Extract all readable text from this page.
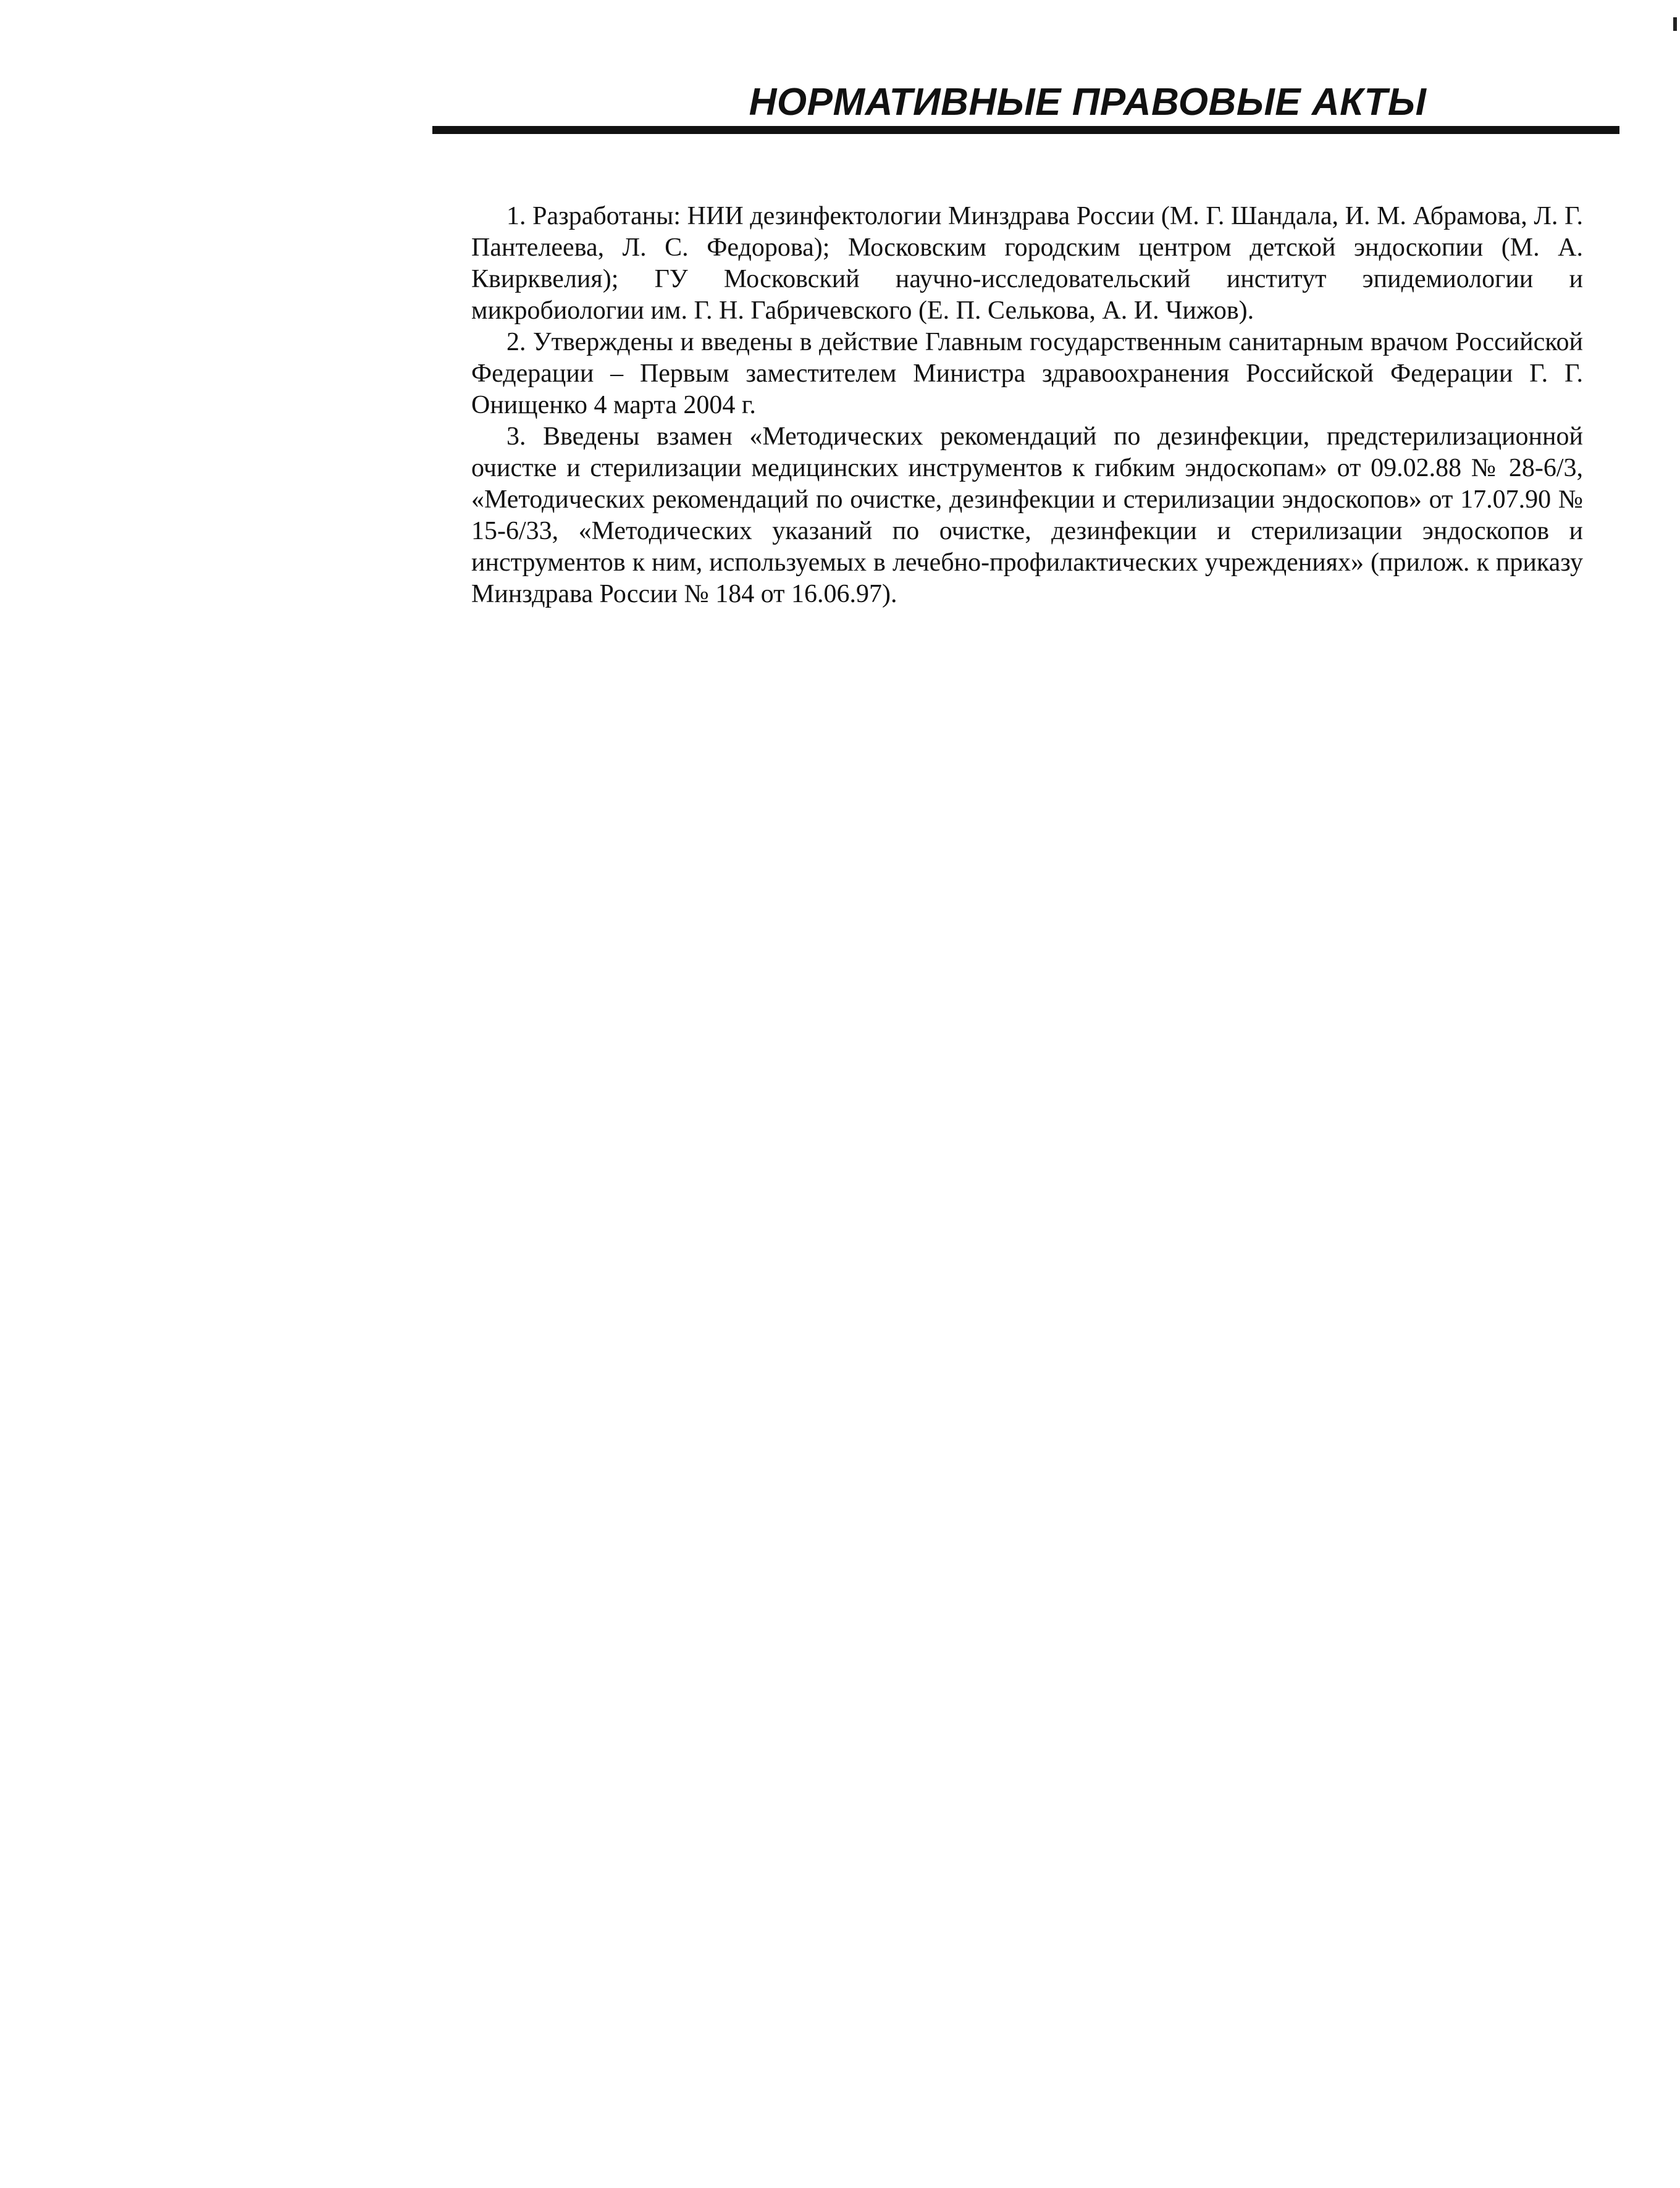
НОРМАТИВНЫЕ ПРАВОВЫЕ АКТЫ

1. Разработаны: НИИ дезинфектологии Минздрава России (М. Г. Шандала, И. М. Абрамова, Л. Г. Пантелеева, Л. С. Федорова); Московским городским центром детской эндоскопии (М. А. Квирквелия); ГУ Московский научно-исследовательский институт эпидемиологии и микробиологии им. Г. Н. Габричевского (Е. П. Селькова, А. И. Чижов).

2. Утверждены и введены в действие Главным государственным санитарным врачом Российской Федерации – Первым заместителем Министра здравоохранения Российской Федерации Г. Г. Онищенко 4 марта 2004 г.

3. Введены взамен «Методических рекомендаций по дезинфекции, предстерилизационной очистке и стерилизации медицинских инструментов к гибким эндоскопам» от 09.02.88 № 28-6/3, «Методических рекомендаций по очистке, дезинфекции и стерилизации эндоскопов» от 17.07.90 № 15-6/33, «Методических указаний по очистке, дезинфекции и стерилизации эндоскопов и инструментов к ним, используемых в лечебно-профилактических учреждениях» (прилож. к приказу Минздрава России № 184 от 16.06.97).
